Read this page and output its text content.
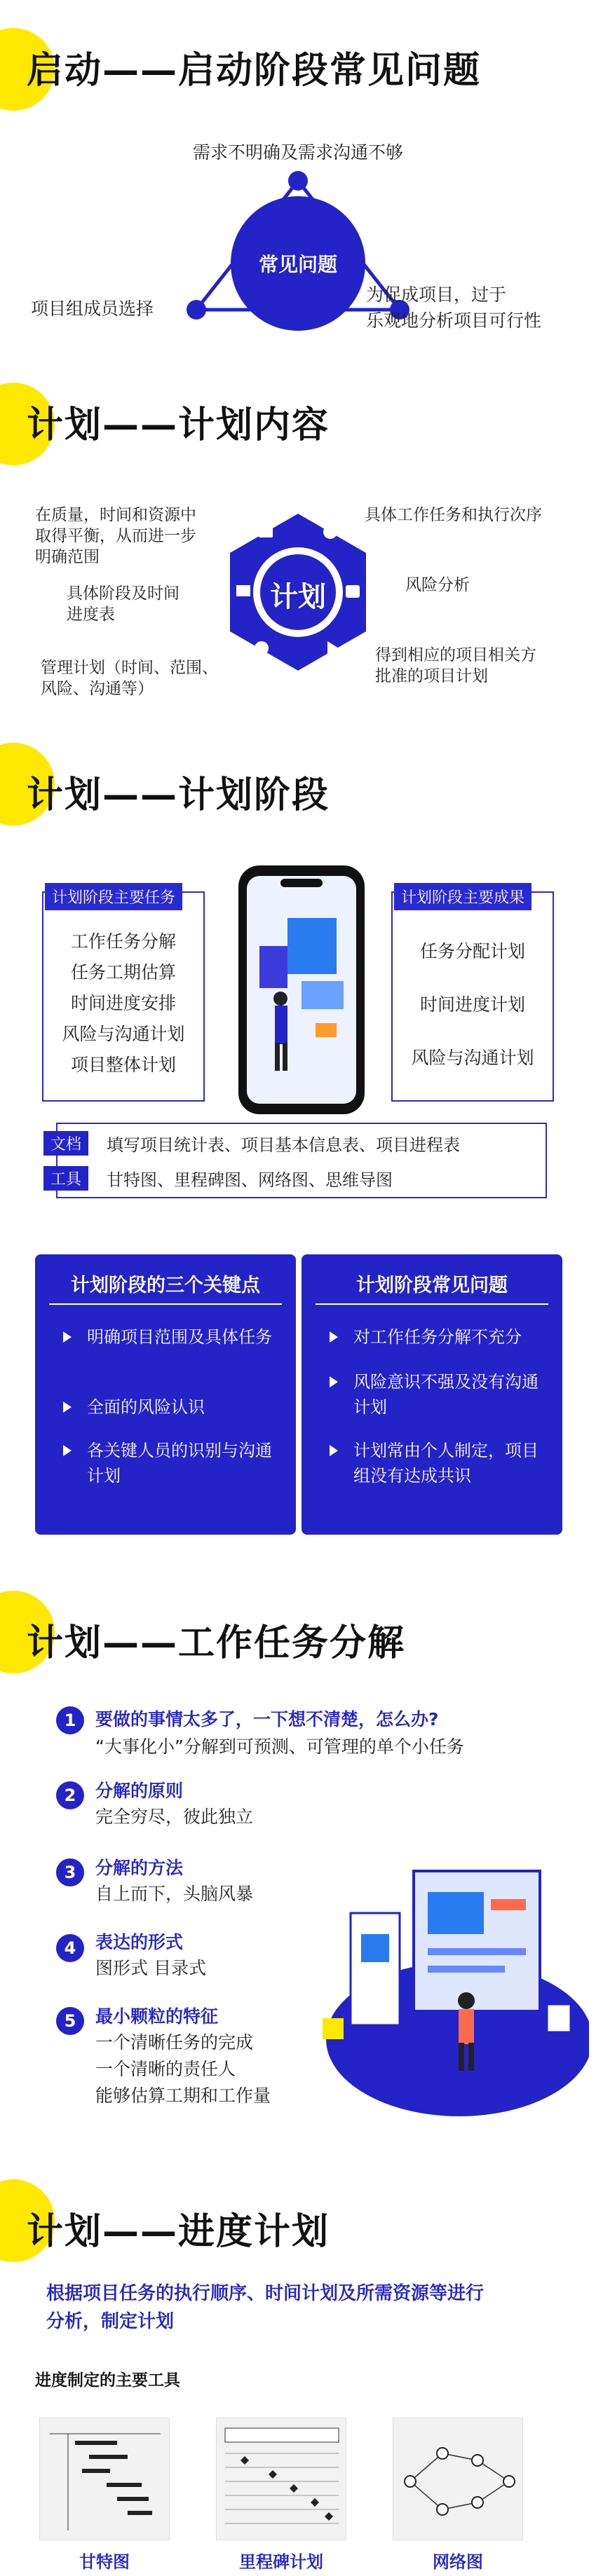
启动——启动阶段常见问题
常见问题
需求不明确及需求沟通不够
项目组成员选择
为促成项目，过于
乐观地分析项目可行性
计划——计划内容
计划
在质量，时间和资源中
取得平衡，从而进一步
明确范围
具体阶段及时间
进度表
管理计划（时间、范围、
风险、沟通等）
具体工作任务和执行次序
风险分析
得到相应的项目相关方
批准的项目计划
计划——计划阶段
工作任务分解
任务工期估算
时间进度安排
风险与沟通计划
项目整体计划
计划阶段主要任务
任务分配计划
时间进度计划
风险与沟通计划
计划阶段主要成果
文档	填写项目统计表、项目基本信息表、项目进程表
工具	甘特图、里程碑图、网络图、思维导图
计划阶段的三个关键点
明确项目范围及具体任务
全面的风险认识
各关键人员的识别与沟通计划
计划阶段常见问题
对工作任务分解不充分
风险意识不强及没有沟通计划
计划常由个人制定，项目组没有达成共识
计划——工作任务分解
1	要做的事情太多了，一下想不清楚，怎么办?
“大事化小”分解到可预测、可管理的单个小任务
2	分解的原则
完全穷尽，彼此独立
3	分解的方法
自上而下，头脑风暴
4	表达的形式
图形式 目录式
5	最小颗粒的特征
一个清晰任务的完成
一个清晰的责任人
能够估算工期和工作量
计划——进度计划
根据项目任务的执行顺序、时间计划及所需资源等进行
分析，制定计划
进度制定的主要工具
甘特图	里程碑计划	网络图
